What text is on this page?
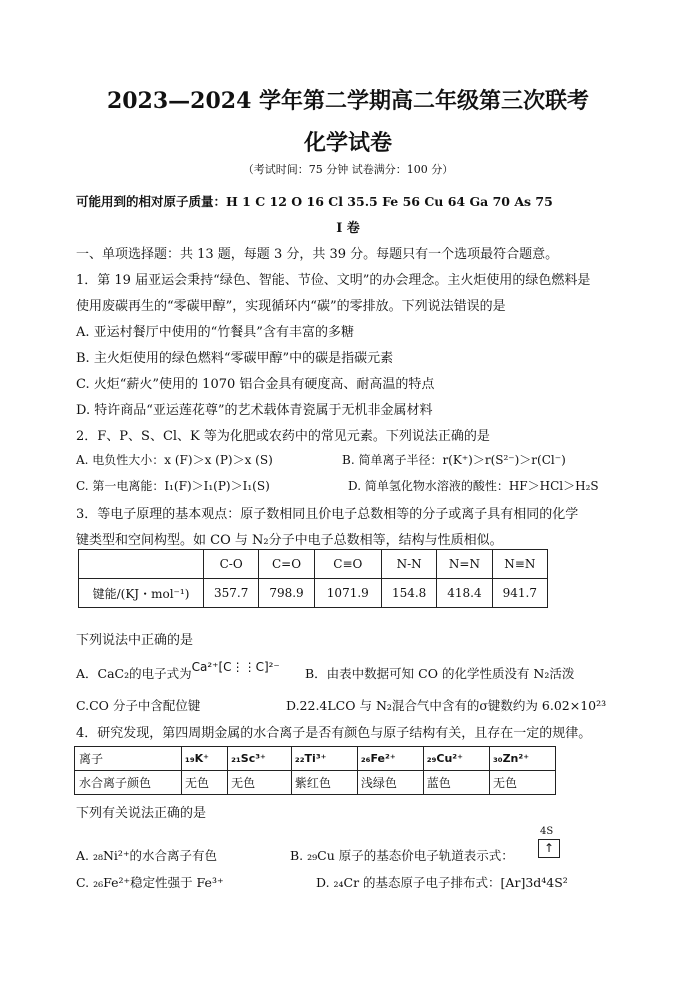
2023—2024 学年第二学期高二年级第三次联考
化学试卷
（考试时间：75 分钟 试卷满分：100 分）
可能用到的相对原子质量：H 1 C 12 O 16 Cl 35.5 Fe 56 Cu 64 Ga 70 As 75
I 卷
一、单项选择题：共 13 题，每题 3 分，共 39 分。每题只有一个选项最符合题意。
1．第 19 届亚运会秉持“绿色、智能、节俭、文明”的办会理念。主火炬使用的绿色燃料是
使用废碳再生的“零碳甲醇”，实现循环内“碳”的零排放。下列说法错误的是
A. 亚运村餐厅中使用的“竹餐具”含有丰富的多糖
B. 主火炬使用的绿色燃料“零碳甲醇”中的碳是指碳元素
C. 火炬“薪火”使用的 1070 铝合金具有硬度高、耐高温的特点
D. 特许商品“亚运莲花尊”的艺术载体青瓷属于无机非金属材料
2．F、P、S、Cl、K 等为化肥或农药中的常见元素。下列说法正确的是
A. 电负性大小：x (F)＞x (P)＞x (S)	B. 简单离子半径：r(K⁺)＞r(S²⁻)＞r(Cl⁻)
C. 第一电离能：I₁(F)＞I₁(P)＞I₁(S)	D. 简单氢化物水溶液的酸性：HF＞HCl＞H₂S
3．等电子原理的基本观点：原子数相同且价电子总数相等的分子或离子具有相同的化学
键类型和空间构型。如 CO 与 N₂分子中电子总数相等，结构与性质相似。
	C-O	C=O	C≡O	N-N	N=N	N≡N
键能/(KJ・mol⁻¹)	357.7	798.9	1071.9	154.8	418.4	941.7
下列说法中正确的是
A．CaC₂的电子式为Ca²⁺[C⋮⋮C]²⁻ B．由表中数据可知 CO 的化学性质没有 N₂活泼
C.CO 分子中含配位键	D.22.4LCO 与 N₂混合气中含有的σ键数约为 6.02×10²³
4．研究发现，第四周期金属的水合离子是否有颜色与原子结构有关，且存在一定的规律。
离子	₁₉K⁺	₂₁Sc³⁺	₂₂Ti³⁺	₂₆Fe²⁺	₂₉Cu²⁺	₃₀Zn²⁺
水合离子颜色	无色	无色	紫红色	浅绿色	蓝色	无色
下列有关说法正确的是
A. ₂₈Ni²⁺的水合离子有色	B. ₂₉Cu 原子的基态价电子轨道表示式：
4S
↑
C. ₂₆Fe²⁺稳定性强于 Fe³⁺	D. ₂₄Cr 的基态原子电子排布式：[Ar]3d⁴4S²
